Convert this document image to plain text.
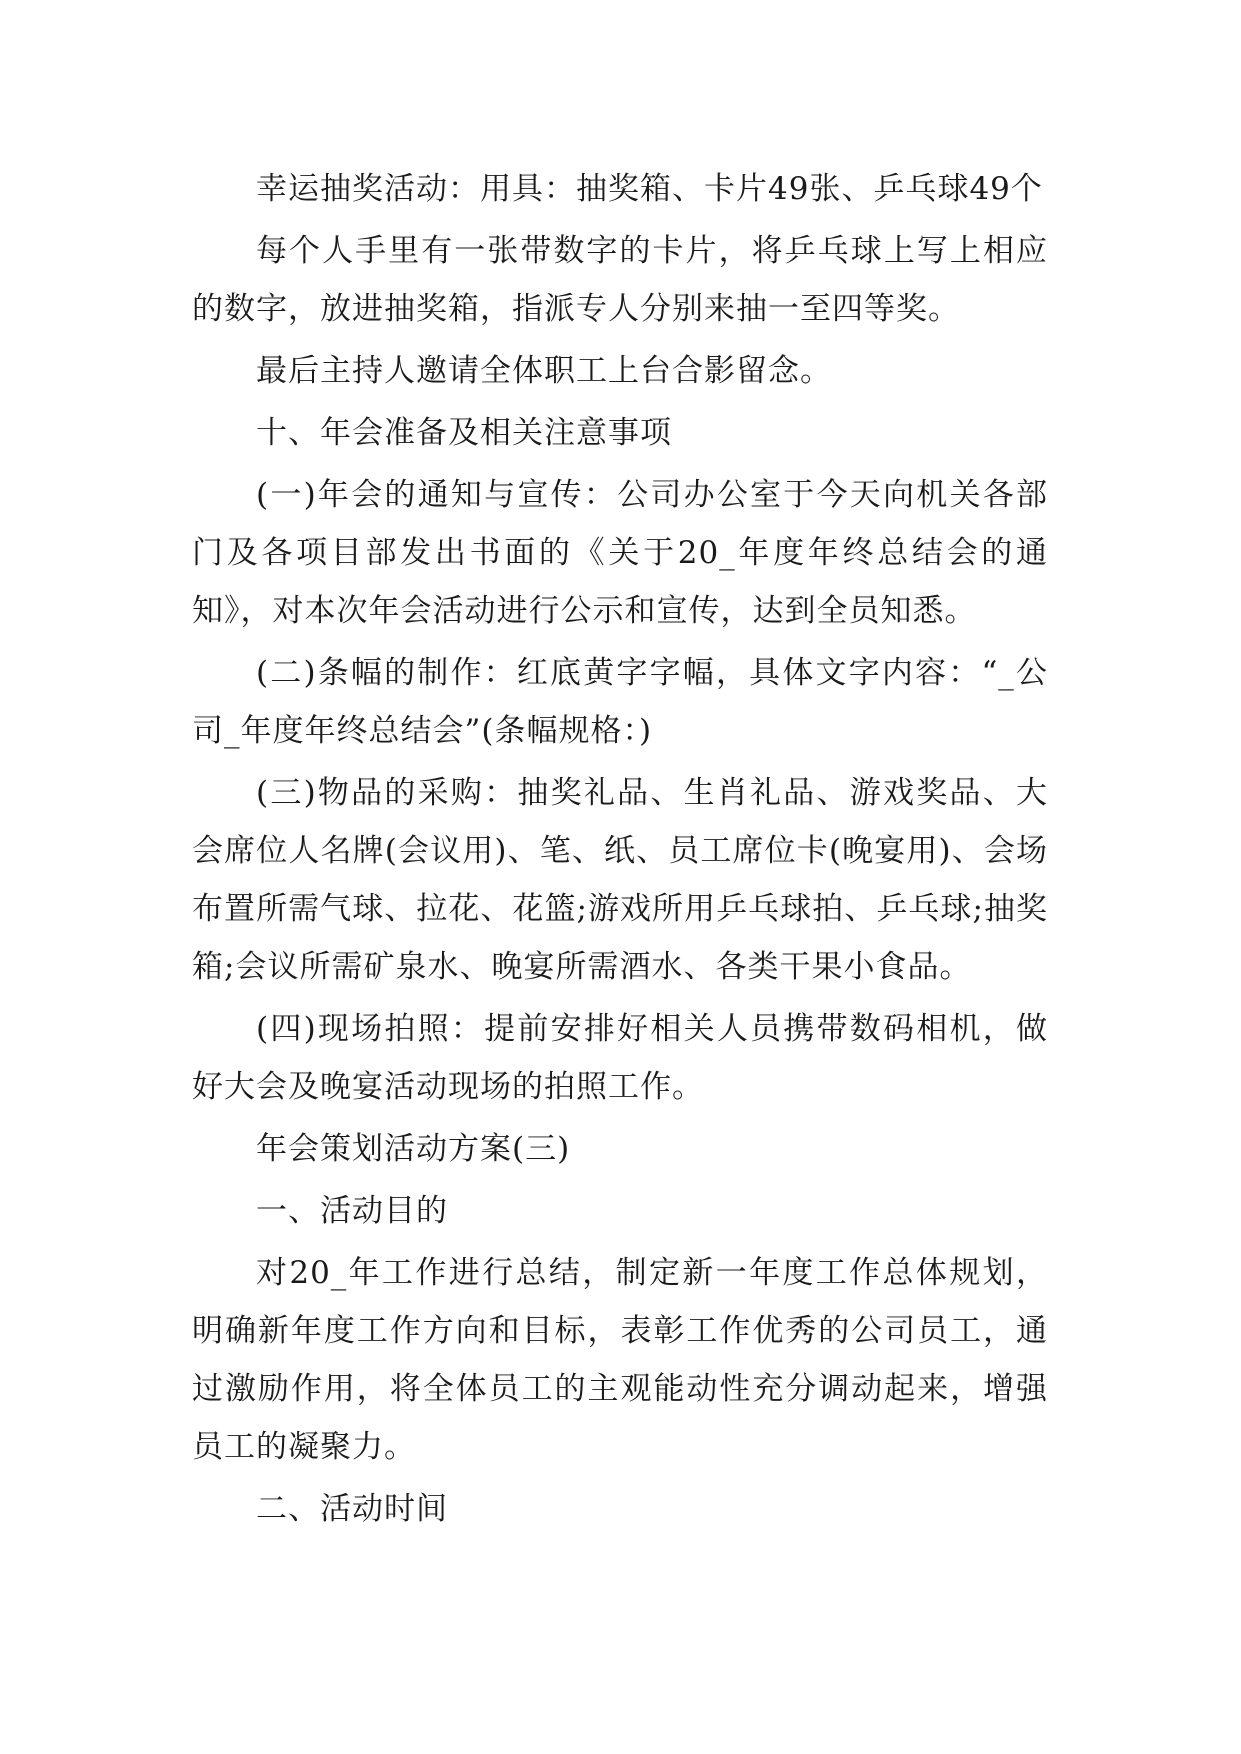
幸运抽奖活动：用具：抽奖箱、卡片49张、乒乓球49个

每个人手里有一张带数字的卡片，将乒乓球上写上相应的数字，放进抽奖箱，指派专人分别来抽一至四等奖。

最后主持人邀请全体职工上台合影留念。

十、年会准备及相关注意事项

(一)年会的通知与宣传：公司办公室于今天向机关各部门及各项目部发出书面的《关于20_年度年终总结会的通知》，对本次年会活动进行公示和宣传，达到全员知悉。

(二)条幅的制作：红底黄字字幅，具体文字内容：“_公司_年度年终总结会”(条幅规格：)

(三)物品的采购：抽奖礼品、生肖礼品、游戏奖品、大会席位人名牌(会议用)、笔、纸、员工席位卡(晚宴用)、会场布置所需气球、拉花、花篮;游戏所用乒乓球拍、乒乓球;抽奖箱;会议所需矿泉水、晚宴所需酒水、各类干果小食品。

(四)现场拍照：提前安排好相关人员携带数码相机，做好大会及晚宴活动现场的拍照工作。

年会策划活动方案(三)

一、活动目的

对20_年工作进行总结，制定新一年度工作总体规划，明确新年度工作方向和目标，表彰工作优秀的公司员工，通过激励作用，将全体员工的主观能动性充分调动起来，增强员工的凝聚力。

二、活动时间
